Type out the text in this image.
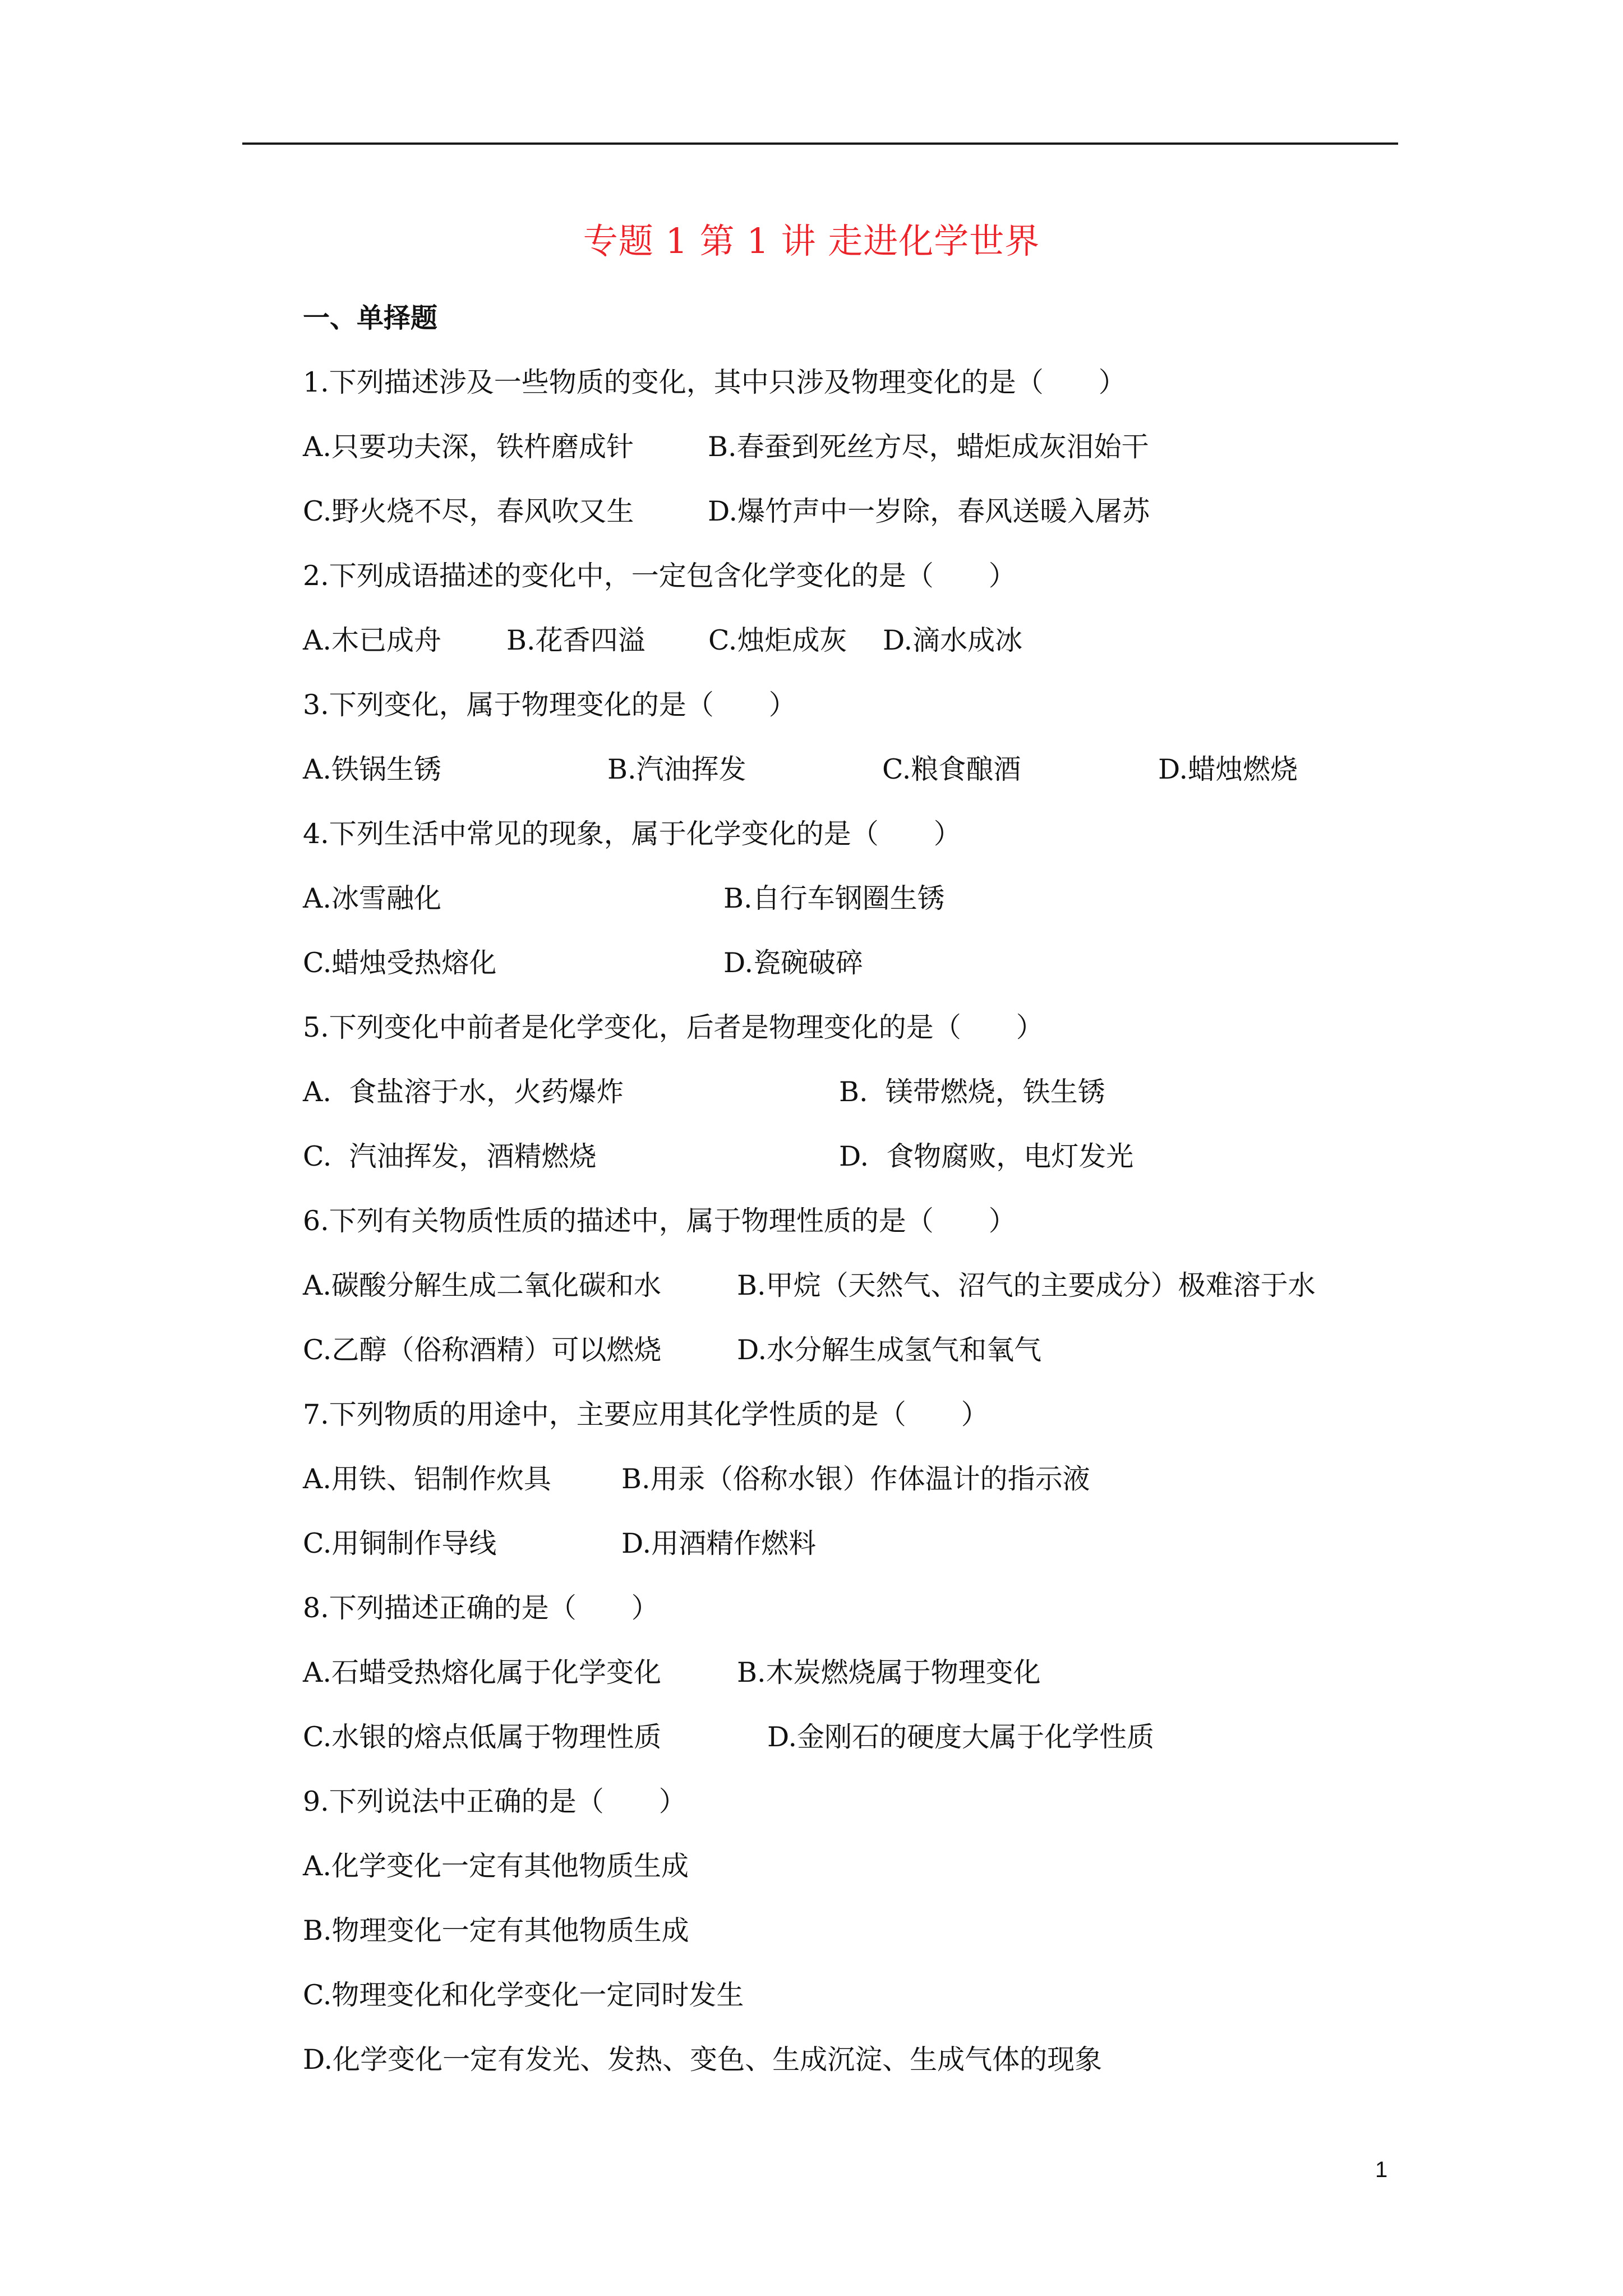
专题 1 第 1 讲 走进化学世界
一、单择题
1.下列描述涉及一些物质的变化，其中只涉及物理变化的是（　　）
A.只要功夫深，铁杵磨成针	B.春蚕到死丝方尽，蜡炬成灰泪始干
C.野火烧不尽，春风吹又生	D.爆竹声中一岁除，春风送暖入屠苏
2.下列成语描述的变化中，一定包含化学变化的是（　　）
A.木已成舟 B.花香四溢 C.烛炬成灰 D.滴水成冰
3.下列变化，属于物理变化的是（　　）
A.铁锅生锈	B.汽油挥发	C.粮食酿酒	D.蜡烛燃烧
4.下列生活中常见的现象，属于化学变化的是（　　）
A.冰雪融化	B.自行车钢圈生锈
C.蜡烛受热熔化	D.瓷碗破碎
5.下列变化中前者是化学变化，后者是物理变化的是（　　）
A.  食盐溶于水，火药爆炸	B.  镁带燃烧，铁生锈
C.  汽油挥发，酒精燃烧	D.  食物腐败，电灯发光
6.下列有关物质性质的描述中，属于物理性质的是（　　）
A.碳酸分解生成二氧化碳和水	B.甲烷（天然气、沼气的主要成分）极难溶于水
C.乙醇（俗称酒精）可以燃烧	D.水分解生成氢气和氧气
7.下列物质的用途中，主要应用其化学性质的是（　　）
A.用铁、铝制作炊具	B.用汞（俗称水银）作体温计的指示液
C.用铜制作导线	D.用酒精作燃料
8.下列描述正确的是（　　）
A.石蜡受热熔化属于化学变化	B.木炭燃烧属于物理变化
C.水银的熔点低属于物理性质	D.金刚石的硬度大属于化学性质
9.下列说法中正确的是（　　）
A.化学变化一定有其他物质生成
B.物理变化一定有其他物质生成
C.物理变化和化学变化一定同时发生
D.化学变化一定有发光、发热、变色、生成沉淀、生成气体的现象
1
